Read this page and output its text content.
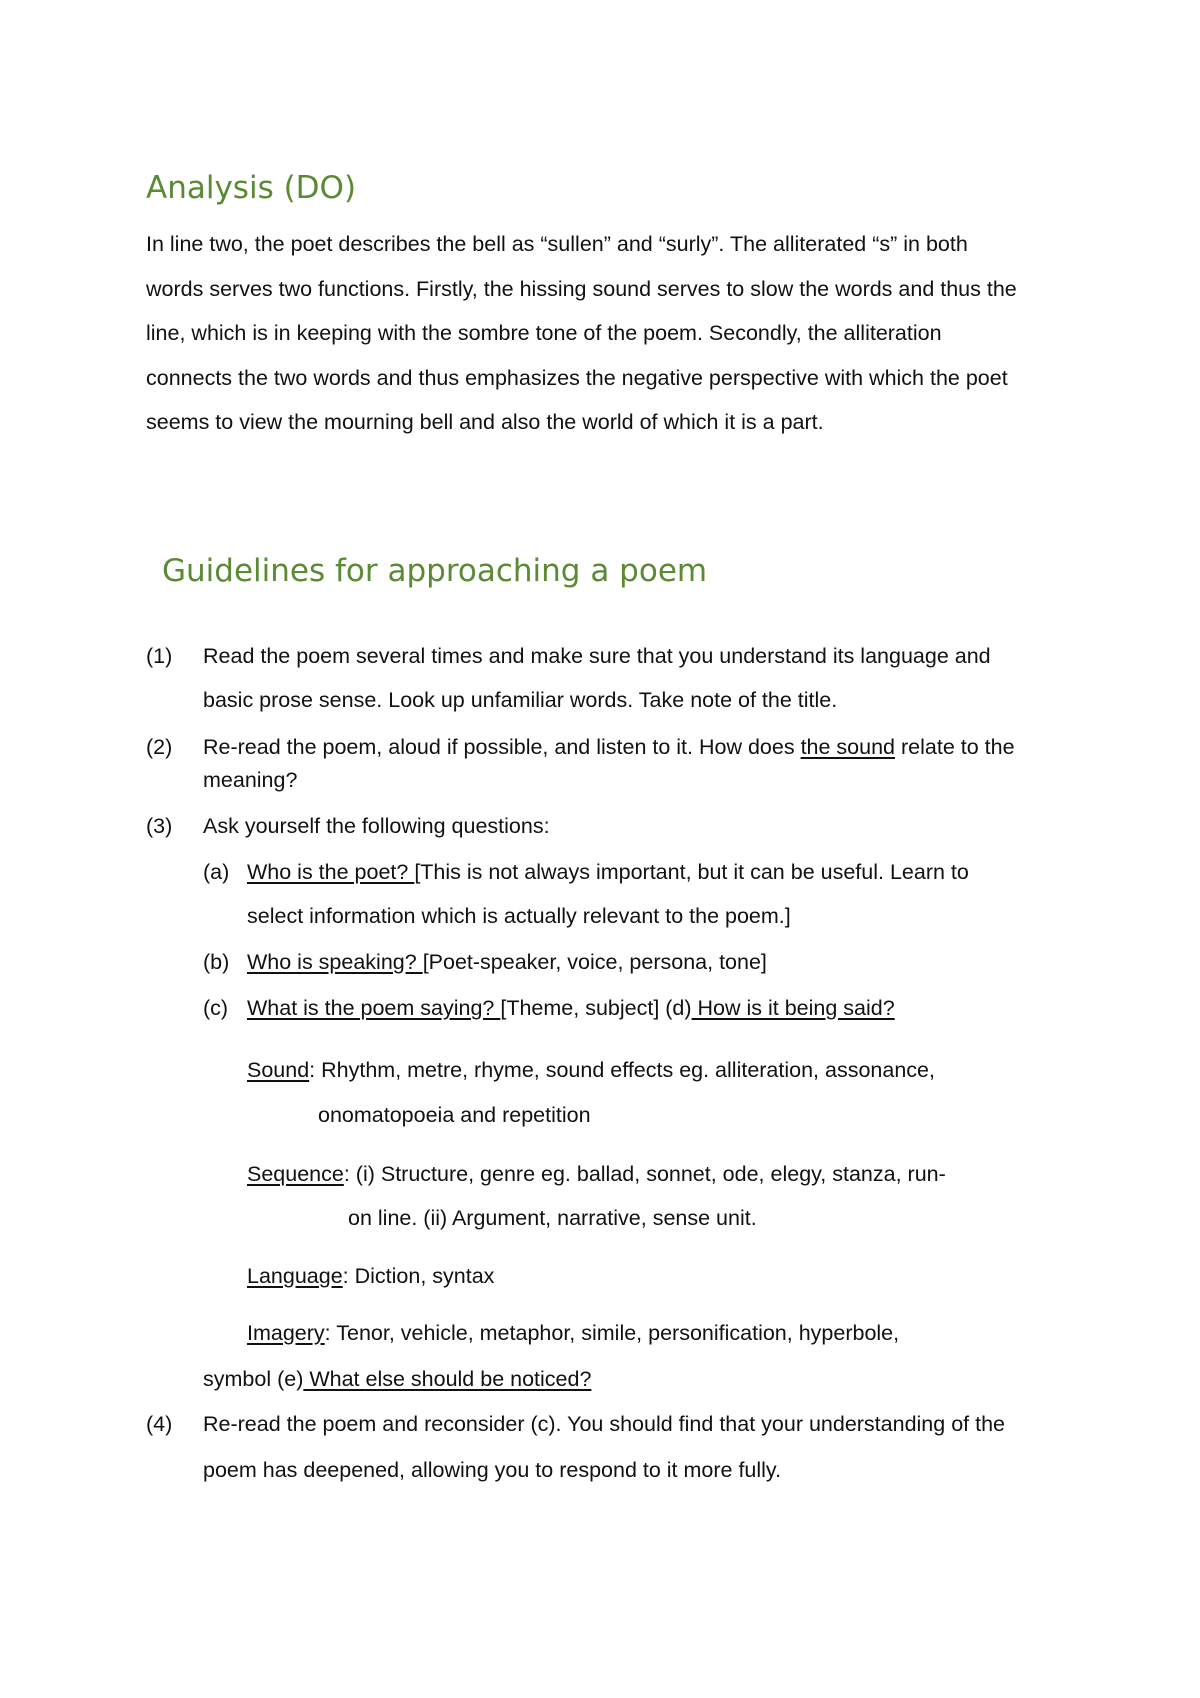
Analysis (DO)

In line two, the poet describes the bell as “sullen” and “surly”. The alliterated “s” in both
words serves two functions. Firstly, the hissing sound serves to slow the words and thus the
line, which is in keeping with the sombre tone of the poem. Secondly, the alliteration
connects the two words and thus emphasizes the negative perspective with which the poet
seems to view the mourning bell and also the world of which it is a part.

Guidelines for approaching a poem
(1) Read the poem several times and make sure that you understand its language and

basic prose sense. Look up unfamiliar words. Take note of the title.

(2) Re-read the poem, aloud if possible, and listen to it. How does the sound relate to the

meaning?

(3) Ask yourself the following questions:

(a) Who is the poet? [This is not always important, but it can be useful. Learn to

select information which is actually relevant to the poem.]

(b) Who is speaking? [Poet-speaker, voice, persona, tone]

(c) What is the poem saying? [Theme, subject] (d) How is it being said?

Sound: Rhythm, metre, rhyme, sound effects eg. alliteration, assonance,

onomatopoeia and repetition

Sequence: (i) Structure, genre eg. ballad, sonnet, ode, elegy, stanza, run-

on line. (ii) Argument, narrative, sense unit.

Language: Diction, syntax

Imagery: Tenor, vehicle, metaphor, simile, personification, hyperbole,

symbol (e) What else should be noticed?

(4) Re-read the poem and reconsider (c). You should find that your understanding of the

poem has deepened, allowing you to respond to it more fully.
